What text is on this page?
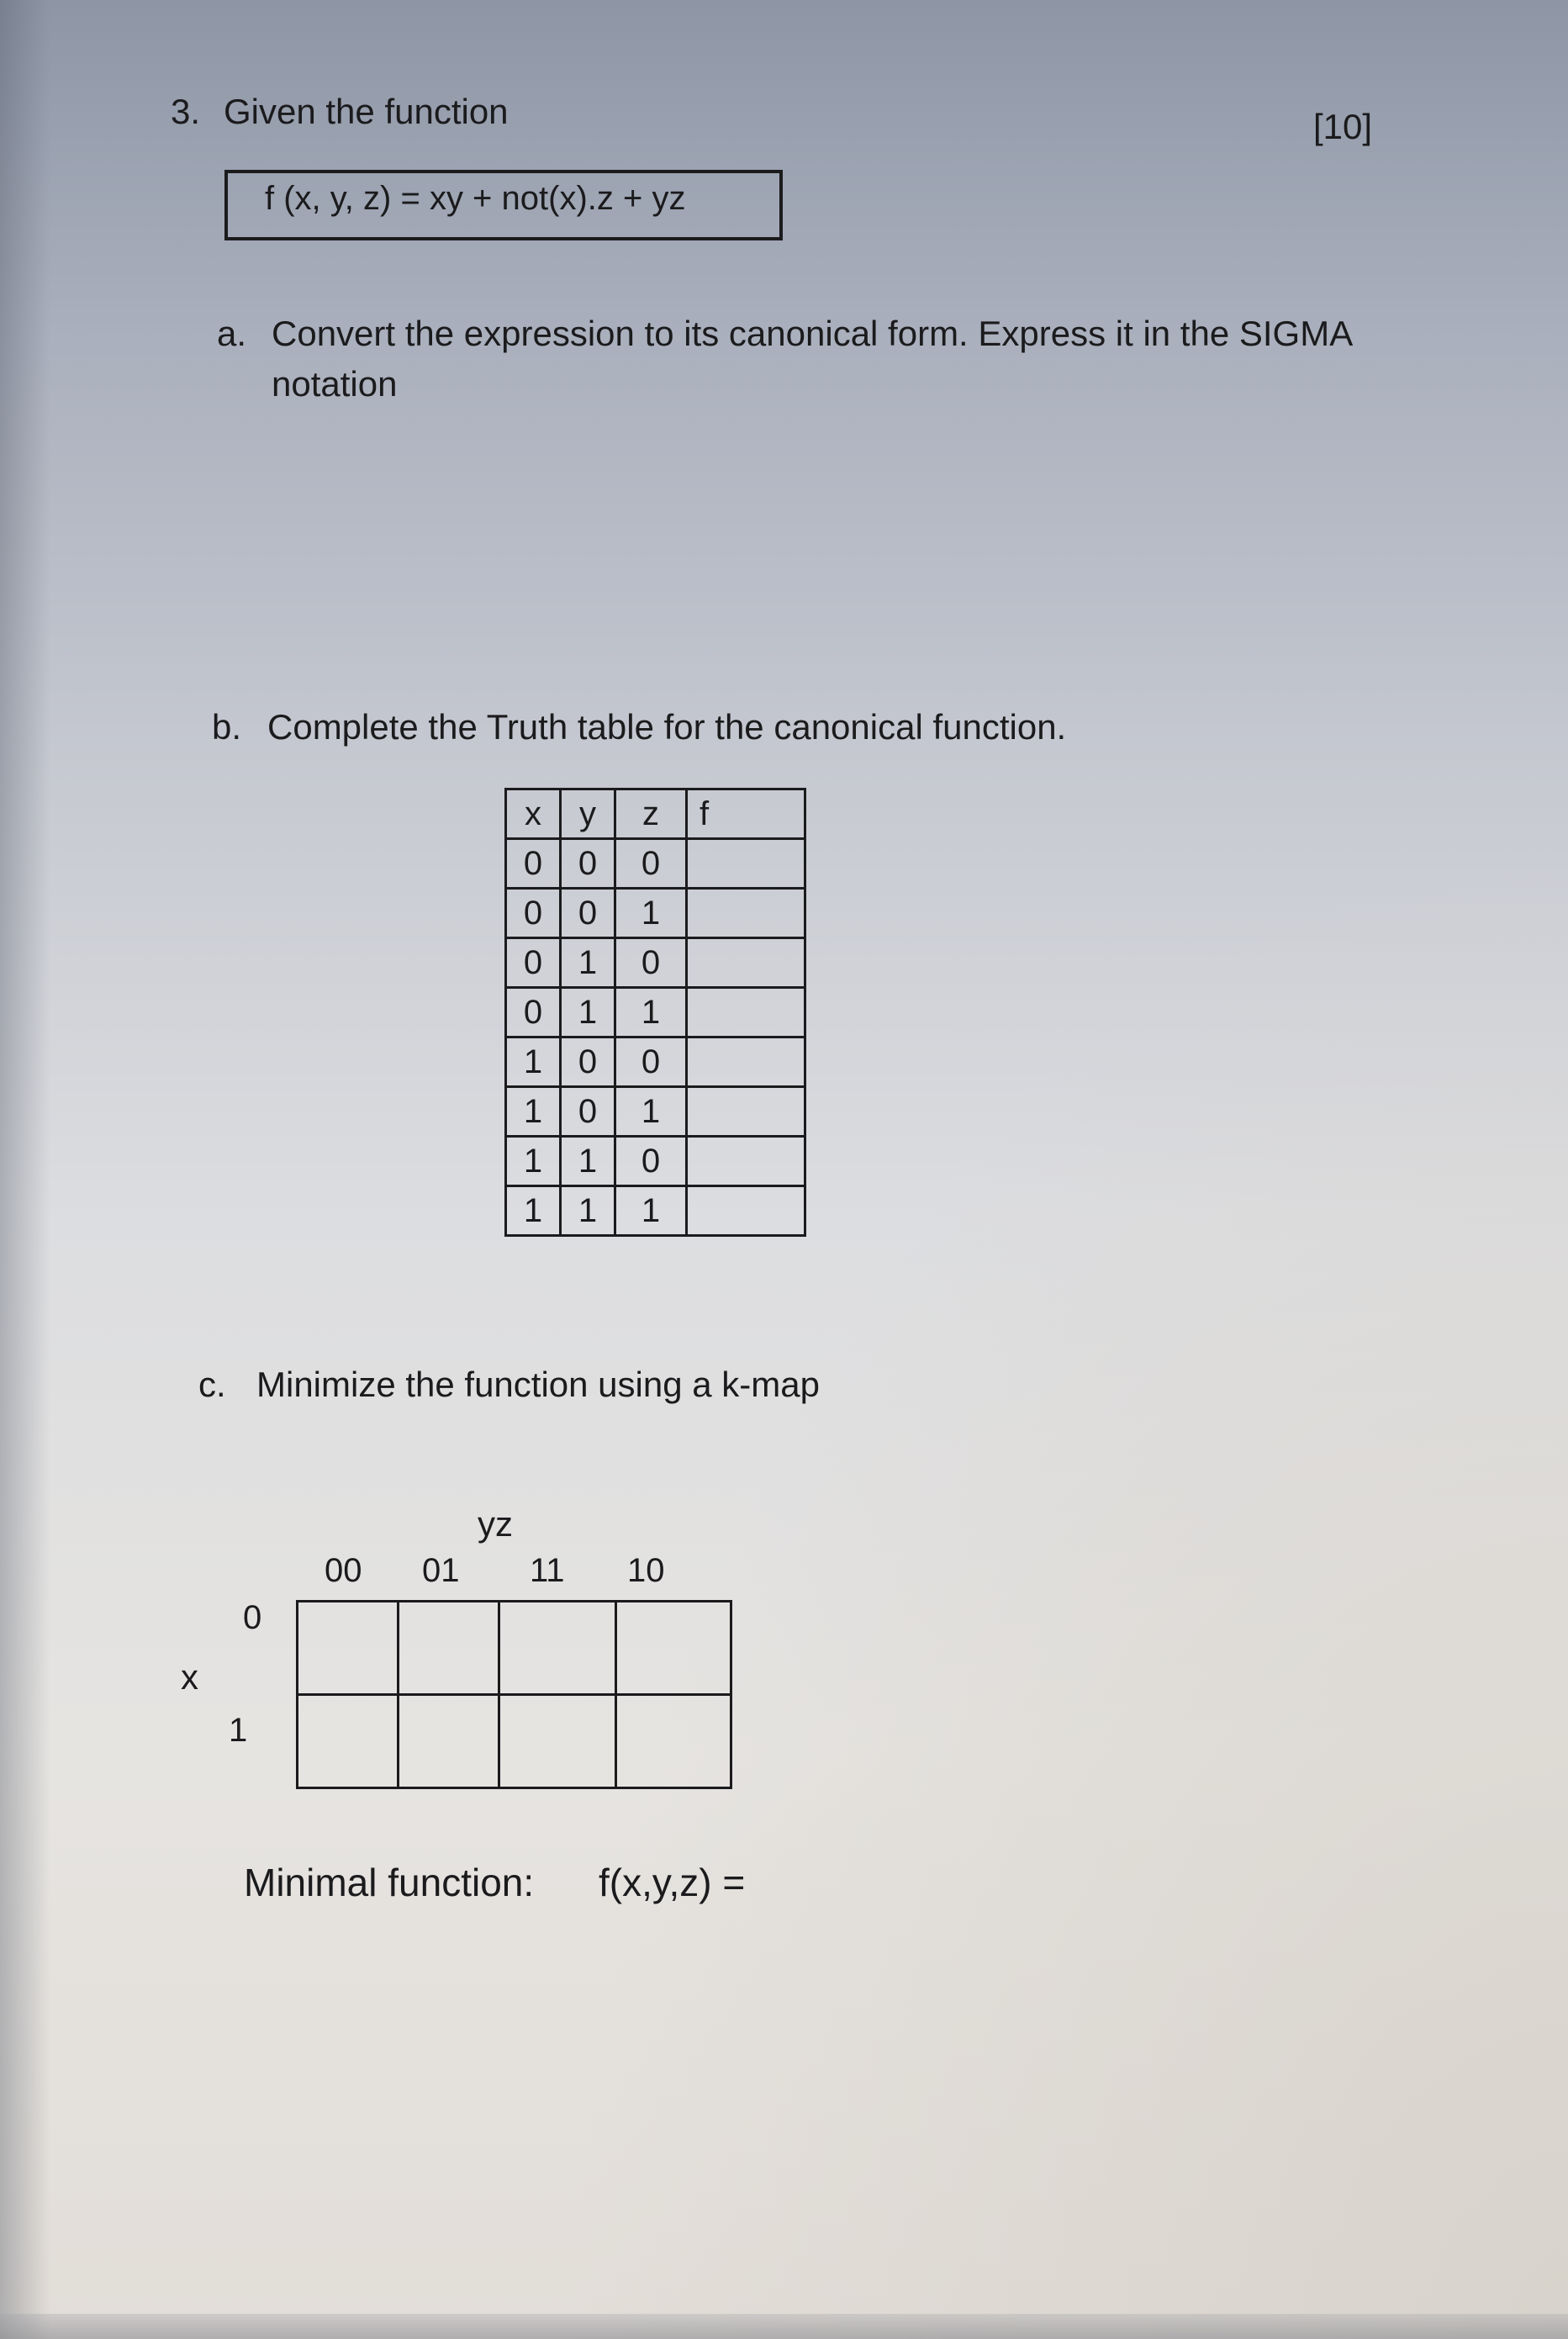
3. Given the function	[10]
f (x, y, z) = xy + not(x).z + yz
a. Convert the expression to its canonical form. Express it in the SIGMA
notation
b. Complete the Truth table for the canonical function.
x	y	z	f
0	0	0	
0	0	1	
0	1	0	
0	1	1	
1	0	0	
1	0	1	
1	1	0	
1	1	1	
c. Minimize the function using a k-map
yz
00 01 11 10
0
x
1

Minimal function: f(x,y,z) =
